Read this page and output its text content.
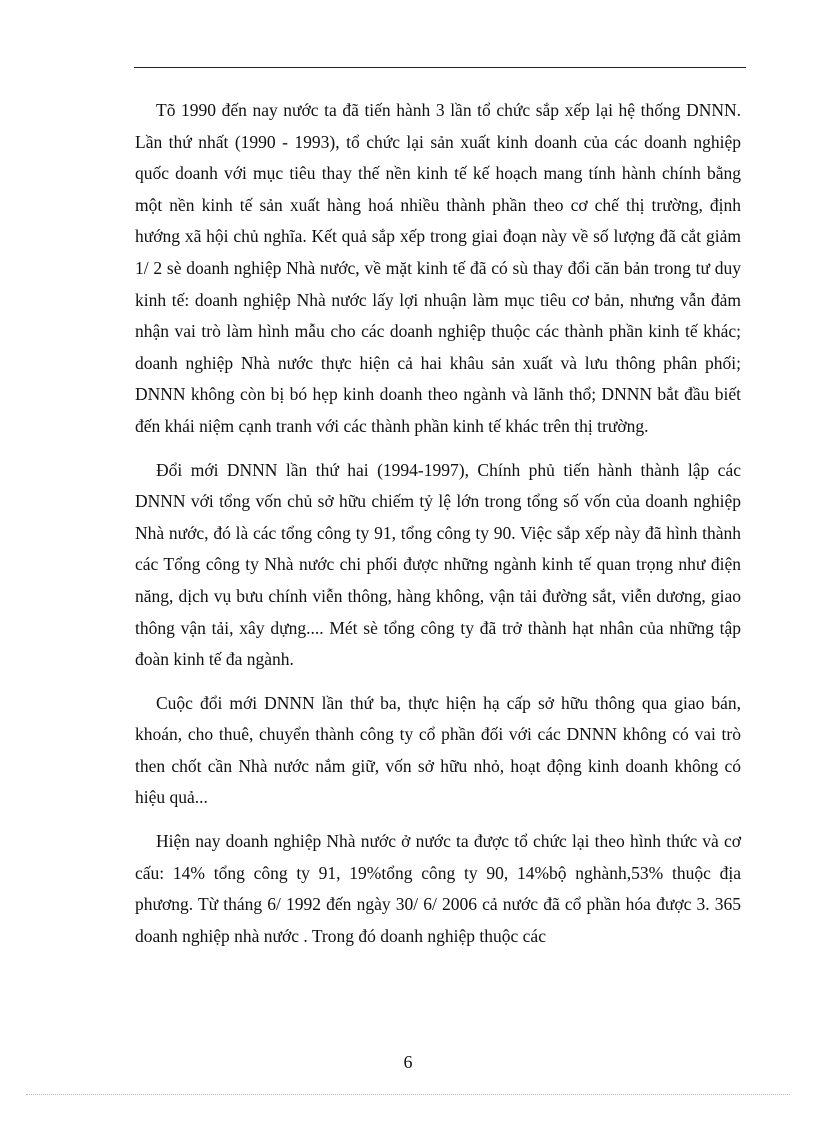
Tõ 1990 đến nay nước ta đã tiến hành 3 lần tổ chức sắp xếp lại hệ thống DNNN. Lần thứ nhất (1990 - 1993), tổ chức lại sản xuất kinh doanh của các doanh nghiệp quốc doanh với mục tiêu thay thế nền kinh tế kế hoạch mang tính hành chính bằng một nền kinh tế sản xuất hàng hoá nhiều thành phần theo cơ chế thị trường, định hướng xã hội chủ nghĩa. Kết quả sắp xếp trong giai đoạn này về số lượng đã cắt giảm 1/ 2 sè doanh nghiệp Nhà nước, về mặt kinh tế đã có sù thay đổi căn bản trong tư duy kinh tế: doanh nghiệp Nhà nước lấy lợi nhuận làm mục tiêu cơ bản, nhưng vẫn đảm nhận vai trò làm hình mẫu cho các doanh nghiệp thuộc các thành phần kinh tế khác; doanh nghiệp Nhà nước thực hiện cả hai khâu sản xuất và lưu thông phân phối; DNNN không còn bị bó hẹp kinh doanh theo ngành và lãnh thổ; DNNN bắt đầu biết đến khái niệm cạnh tranh với các thành phần kinh tế khác trên thị trường.

Đổi mới DNNN lần thứ hai (1994-1997), Chính phủ tiến hành thành lập các DNNN với tổng vốn chủ sở hữu chiếm tỷ lệ lớn trong tổng số vốn của doanh nghiệp Nhà nước, đó là các tổng công ty 91, tổng công ty 90. Việc sắp xếp này đã hình thành các Tổng công ty Nhà nước chi phối được những ngành kinh tế quan trọng như điện năng, dịch vụ bưu chính viễn thông, hàng không, vận tải đường sắt, viễn dương, giao thông vận tải, xây dựng.... Mét sè tổng công ty đã trở thành hạt nhân của những tập đoàn kinh tế đa ngành.

Cuộc đổi mới DNNN lần thứ ba, thực hiện hạ cấp sở hữu thông qua giao bán, khoán, cho thuê, chuyển thành công ty cổ phần đối với các DNNN không có vai trò then chốt cần Nhà nước nắm giữ, vốn sở hữu nhỏ, hoạt động kinh doanh không có hiệu quả...

Hiện nay doanh nghiệp Nhà nước ở nước ta được tổ chức lại theo hình thức và cơ cấu: 14% tổng công ty 91, 19%tổng công ty 90, 14%bộ nghành,53% thuộc địa phương. Từ tháng 6/ 1992 đến ngày 30/ 6/ 2006 cả nước đã cổ phần hóa được 3. 365 doanh nghiệp nhà nước . Trong đó doanh nghiệp thuộc các

6
